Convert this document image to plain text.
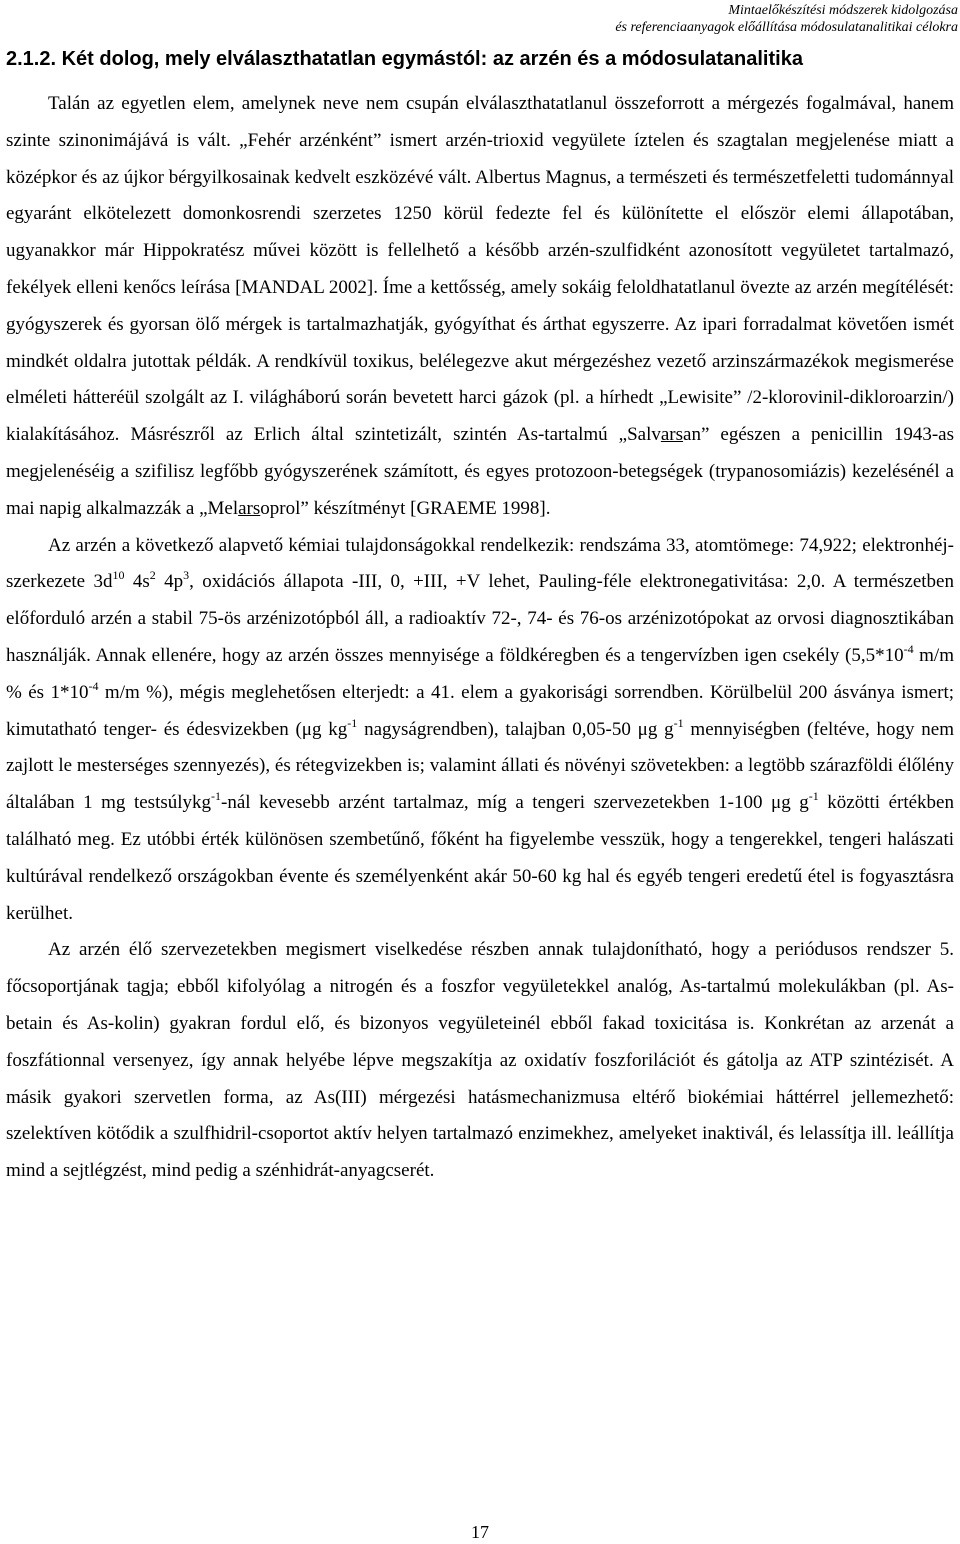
Mintaelőkészítési módszerek kidolgozása
és referenciaanyagok előállítása módosulatanalitikai célokra
2.1.2. Két dolog, mely elválaszthatatlan egymástól: az arzén és a módosulatanalitika

Talán az egyetlen elem, amelynek neve nem csupán elválaszthatatlanul összeforrott a mérgezés fogalmával, hanem szinte szinonimájává is vált. „Fehér arzénként” ismert arzén-trioxid vegyülete íztelen és szagtalan megjelenése miatt a középkor és az újkor bérgyilkosainak kedvelt eszközévé vált. Albertus Magnus, a természeti és természetfeletti tudománnyal egyaránt elkötelezett domonkosrendi szerzetes 1250 körül fedezte fel és különítette el először elemi állapotában, ugyanakkor már Hippokratész művei között is fellelhető a később arzén-szulfidként azonosított vegyületet tartalmazó, fekélyek elleni kenőcs leírása [MANDAL 2002]. Íme a kettősség, amely sokáig feloldhatatlanul övezte az arzén megítélését: gyógyszerek és gyorsan ölő mérgek is tartalmazhatják, gyógyíthat és árthat egyszerre. Az ipari forradalmat követően ismét mindkét oldalra jutottak példák. A rendkívül toxikus, belélegezve akut mérgezéshez vezető arzinszármazékok megismerése elméleti hátteréül szolgált az I. világháború során bevetett harci gázok (pl. a hírhedt „Lewisite” /2-klorovinil-dikloroarzin/) kialakításához. Másrészről az Erlich által szintetizált, szintén As-tartalmú „Salvarsan” egészen a penicillin 1943-as megjelenéséig a szifilisz legfőbb gyógyszerének számított, és egyes protozoon-betegségek (trypanosomiázis) kezelésénél a mai napig alkalmazzák a „Melarsoprol” készítményt [GRAEME 1998].

Az arzén a következő alapvető kémiai tulajdonságokkal rendelkezik: rendszáma 33, atomtömege: 74,922; elektronhéj-szerkezete $3d^{10}$ $4s^2$ $4p^3$, oxidációs állapota -III, 0, +III, +V lehet, Pauling-féle elektronegativitása: 2,0. A természetben előforduló arzén a stabil 75-ös arzénizotópból áll, a radioaktív 72-, 74- és 76-os arzénizotópokat az orvosi diagnosztikában használják. Annak ellenére, hogy az arzén összes mennyisége a földkéregben és a tengervízben igen csekély ($5,5*10^{-4}$ m/m % és $1*10^{-4}$ m/m %), mégis meglehetősen elterjedt: a 41. elem a gyakorisági sorrendben. Körülbelül 200 ásványa ismert; kimutatható tenger- és édesvizekben (μg $kg^{-1}$ nagyságrendben), talajban 0,05-50 μg $g^{-1}$ mennyiségben (feltéve, hogy nem zajlott le mesterséges szennyezés), és rétegvizekben is; valamint állati és növényi szövetekben: a legtöbb szárazföldi élőlény általában 1 mg testsúlykg$^{-1}$-nál kevesebb arzént tartalmaz, míg a tengeri szervezetekben 1-100 μg $g^{-1}$ közötti értékben található meg. Ez utóbbi érték különösen szembetűnő, főként ha figyelembe vesszük, hogy a tengerekkel, tengeri halászati kultúrával rendelkező országokban évente és személyenként akár 50-60 kg hal és egyéb tengeri eredetű étel is fogyasztásra kerülhet.

Az arzén élő szervezetekben megismert viselkedése részben annak tulajdonítható, hogy a periódusos rendszer 5. főcsoportjának tagja; ebből kifolyólag a nitrogén és a foszfor vegyületekkel analóg, As-tartalmú molekulákban (pl. As-betain és As-kolin) gyakran fordul elő, és bizonyos vegyületeinél ebből fakad toxicitása is. Konkrétan az arzenát a foszfátionnal versenyez, így annak helyébe lépve megszakítja az oxidatív foszforilációt és gátolja az ATP szintézisét. A másik gyakori szervetlen forma, az As(III) mérgezési hatásmechanizmusa eltérő biokémiai háttérrel jellemezhető: szelektíven kötődik a szulfhidril-csoportot aktív helyen tartalmazó enzimekhez, amelyeket inaktivál, és lelassítja ill. leállítja mind a sejtlégzést, mind pedig a szénhidrát-anyagcserét.

17
